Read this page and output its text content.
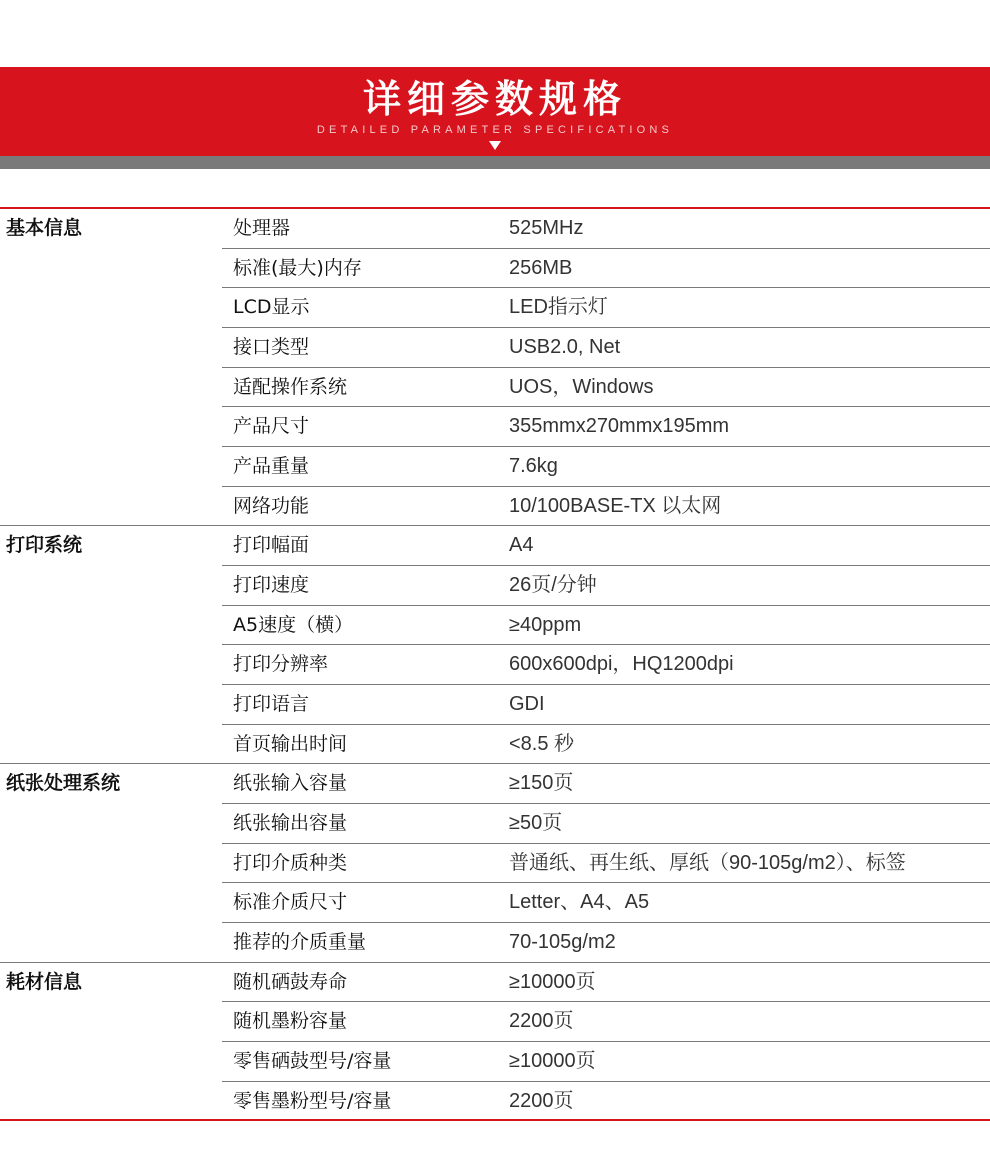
详细参数规格
DETAILED PARAMETER SPECIFICATIONS
基本信息	处理器	525MHz
标准(最大)内存	256MB
LCD显示	LED指示灯
接口类型	USB2.0, Net
适配操作系统	UOS，Windows
产品尺寸	355mmx270mmx195mm
产品重量	7.6kg
网络功能	10/100BASE-TX 以太网
打印系统	打印幅面	A4
打印速度	26页/分钟
A5速度（横）	≥40ppm
打印分辨率	600x600dpi，HQ1200dpi
打印语言	GDI
首页输出时间	<8.5 秒
纸张处理系统	纸张输入容量	≥150页
纸张输出容量	≥50页
打印介质种类	普通纸、再生纸、厚纸（90-105g/m2）、标签
标准介质尺寸	Letter、A4、A5
推荐的介质重量	70-105g/m2
耗材信息	随机硒鼓寿命	≥10000页
随机墨粉容量	2200页
零售硒鼓型号/容量	≥10000页
零售墨粉型号/容量	2200页
